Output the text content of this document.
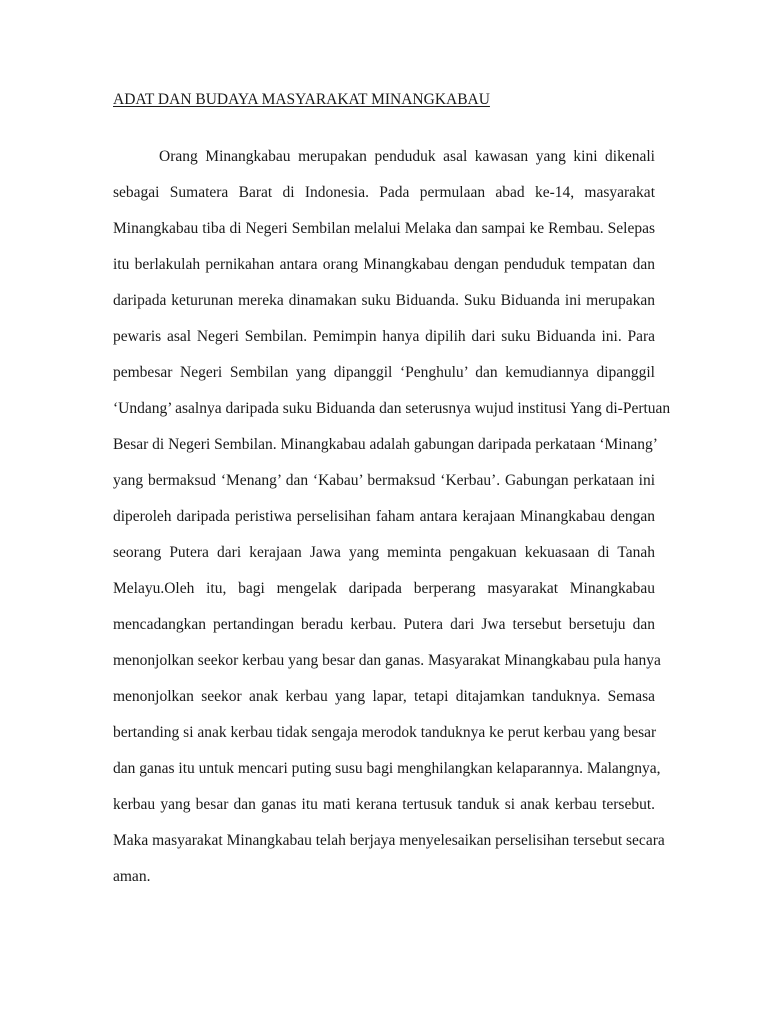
ADAT DAN BUDAYA MASYARAKAT MINANGKABAU
Orang Minangkabau merupakan penduduk asal kawasan yang kini dikenali
sebagai Sumatera Barat di Indonesia. Pada permulaan abad ke-14, masyarakat
Minangkabau tiba di Negeri Sembilan melalui Melaka dan sampai ke Rembau. Selepas
itu berlakulah pernikahan antara orang Minangkabau dengan penduduk tempatan dan
daripada keturunan mereka dinamakan suku Biduanda. Suku Biduanda ini merupakan
pewaris asal Negeri Sembilan. Pemimpin hanya dipilih dari suku Biduanda ini. Para
pembesar Negeri Sembilan yang dipanggil ‘Penghulu’ dan kemudiannya dipanggil
‘Undang’ asalnya daripada suku Biduanda dan seterusnya wujud institusi Yang di-Pertuan
Besar di Negeri Sembilan. Minangkabau adalah gabungan daripada perkataan ‘Minang’
yang bermaksud ‘Menang’ dan ‘Kabau’ bermaksud ‘Kerbau’. Gabungan perkataan ini
diperoleh daripada peristiwa perselisihan faham antara kerajaan Minangkabau dengan
seorang Putera dari kerajaan Jawa yang meminta pengakuan kekuasaan di Tanah
Melayu.Oleh itu, bagi mengelak daripada berperang masyarakat Minangkabau
mencadangkan pertandingan beradu kerbau. Putera dari Jwa tersebut bersetuju dan
menonjolkan seekor kerbau yang besar dan ganas. Masyarakat Minangkabau pula hanya
menonjolkan seekor anak kerbau yang lapar, tetapi ditajamkan tanduknya. Semasa
bertanding si anak kerbau tidak sengaja merodok tanduknya ke perut kerbau yang besar
dan ganas itu untuk mencari puting susu bagi menghilangkan kelaparannya. Malangnya,
kerbau yang besar dan ganas itu mati kerana tertusuk tanduk si anak kerbau tersebut.
Maka masyarakat Minangkabau telah berjaya menyelesaikan perselisihan tersebut secara
aman.
